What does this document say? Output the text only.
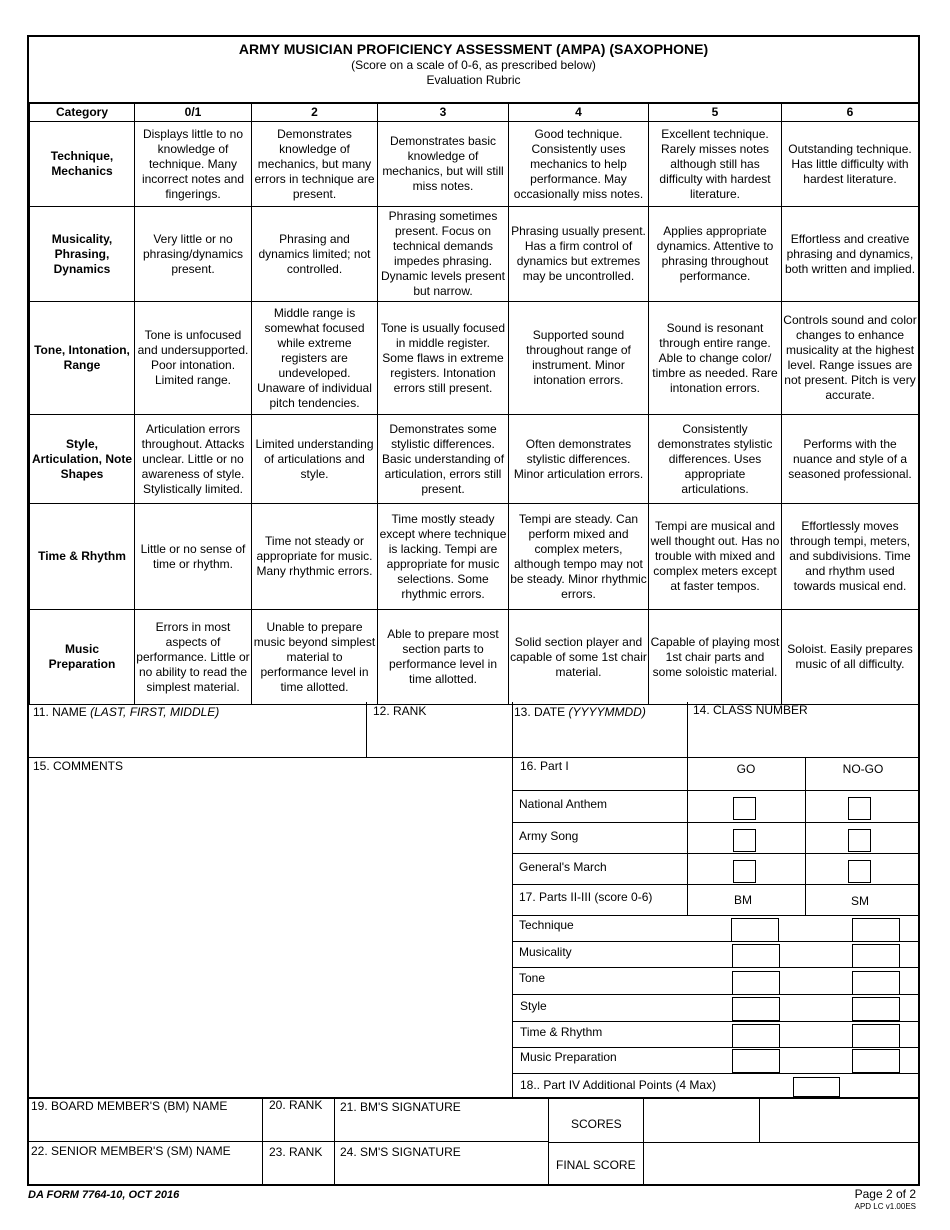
ARMY MUSICIAN PROFICIENCY ASSESSMENT (AMPA) (SAXOPHONE)
(Score on a scale of 0-6, as prescribed below)
Evaluation Rubric
Category	0/1	2	3	4	5	6
Technique, Mechanics	Displays little to no knowledge of technique. Many incorrect notes and fingerings.	Demonstrates knowledge of mechanics, but many errors in technique are present.	Demonstrates basic knowledge of mechanics, but will still miss notes.	Good technique. Consistently uses mechanics to help performance. May occasionally miss notes.	Excellent technique. Rarely misses notes although still has difficulty with hardest literature.	Outstanding technique. Has little difficulty with hardest literature.
Musicality, Phrasing, Dynamics	Very little or no phrasing/dynamics present.	Phrasing and dynamics limited; not controlled.	Phrasing sometimes present. Focus on technical demands impedes phrasing. Dynamic levels present but narrow.	Phrasing usually present. Has a firm control of dynamics but extremes may be uncontrolled.	Applies appropriate dynamics. Attentive to phrasing throughout performance.	Effortless and creative phrasing and dynamics, both written and implied.
Tone, Intonation, Range	Tone is unfocused and undersupported. Poor intonation. Limited range.	Middle range is somewhat focused while extreme registers are undeveloped. Unaware of individual pitch tendencies.	Tone is usually focused in middle register. Some flaws in extreme registers. Intonation errors still present.	Supported sound throughout range of instrument. Minor intonation errors.	Sound is resonant through entire range. Able to change color/ timbre as needed. Rare intonation errors.	Controls sound and color changes to enhance musicality at the highest level. Range issues are not present. Pitch is very accurate.
Style, Articulation, Note Shapes	Articulation errors throughout. Attacks unclear. Little or no awareness of style. Stylistically limited.	Limited understanding of articulations and style.	Demonstrates some stylistic differences. Basic understanding of articulation, errors still present.	Often demonstrates stylistic differences. Minor articulation errors.	Consistently demonstrates stylistic differences. Uses appropriate articulations.	Performs with the nuance and style of a seasoned professional.
Time & Rhythm	Little or no sense of time or rhythm.	Time not steady or appropriate for music. Many rhythmic errors.	Time mostly steady except where technique is lacking. Tempi are appropriate for music selections. Some rhythmic errors.	Tempi are steady. Can perform mixed and complex meters, although tempo may not be steady. Minor rhythmic errors.	Tempi are musical and well thought out. Has no trouble with mixed and complex meters except at faster tempos.	Effortlessly moves through tempi, meters, and subdivisions. Time and rhythm used towards musical end.
Music Preparation	Errors in most aspects of performance. Little or no ability to read the simplest material.	Unable to prepare music beyond simplest material to performance level in time allotted.	Able to prepare most section parts to performance level in time allotted.	Solid section player and capable of some 1st chair material.	Capable of playing most 1st chair parts and some soloistic material.	Soloist. Easily prepares music of all difficulty.
11. NAME (LAST, FIRST, MIDDLE)	12. RANK	13. DATE (YYYYMMDD)	14. CLASS NUMBER
15. COMMENTS	16. Part I	GO	NO-GO
National Anthem
Army Song
General's March
17. Parts II-III (score 0-6)	BM	SM
Technique
Musicality
Tone
Style
Time & Rhythm
Music Preparation
18.. Part IV Additional Points (4 Max)
19. BOARD MEMBER'S (BM) NAME	20. RANK 21. BM'S SIGNATURE
SCORES
22. SENIOR MEMBER'S (SM) NAME	23. RANK 24. SM'S SIGNATURE
FINAL SCORE
DA FORM 7764-10, OCT 2016	Page 2 of 2
APD LC v1.00ES
